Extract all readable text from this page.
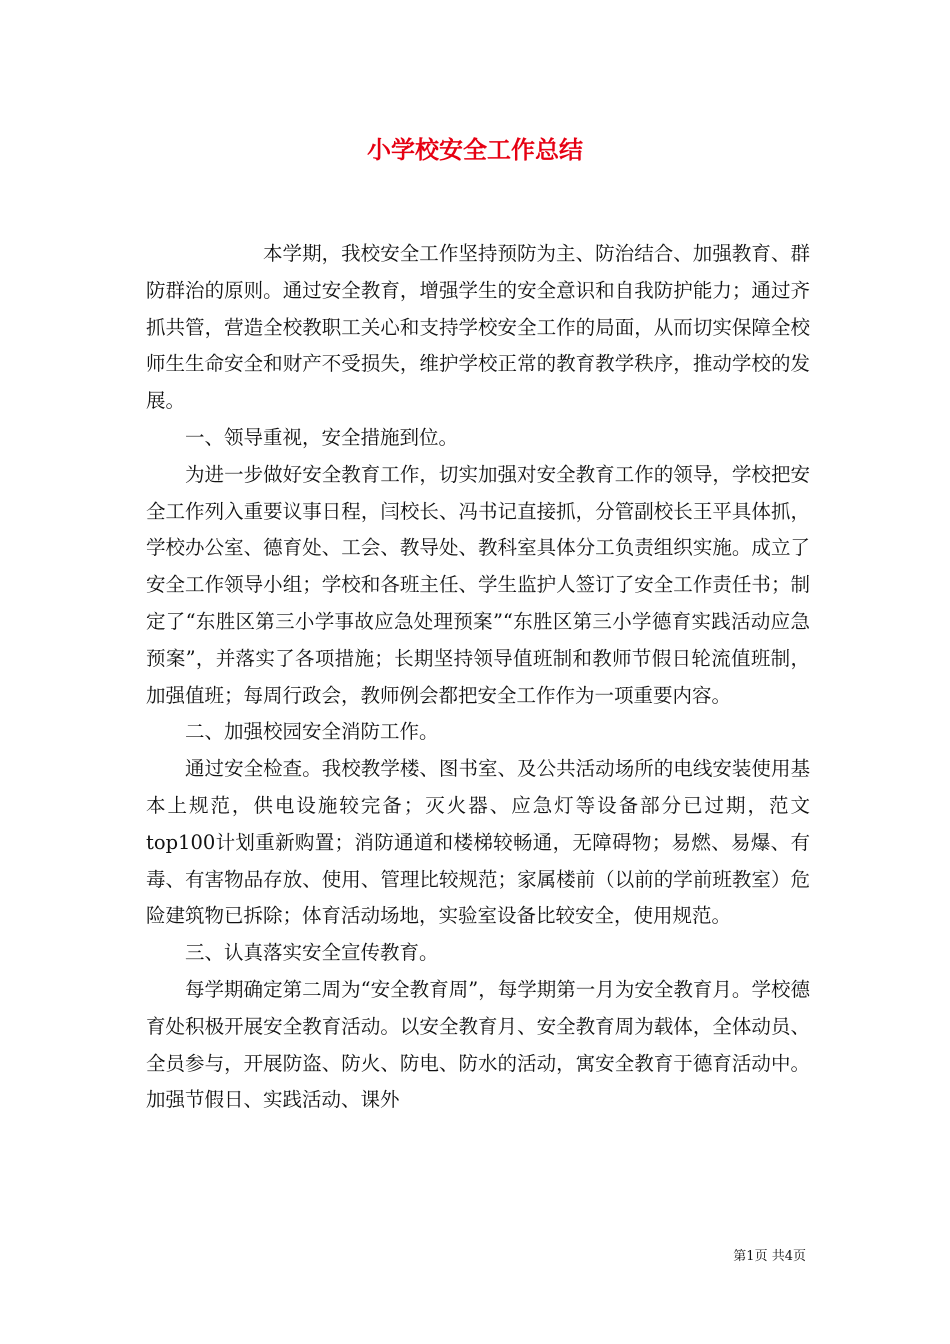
小学校安全工作总结

本学期，我校安全工作坚持预防为主、防治结合、加强教育、群防群治的原则。通过安全教育，增强学生的安全意识和自我防护能力；通过齐抓共管，营造全校教职工关心和支持学校安全工作的局面，从而切实保障全校师生生命安全和财产不受损失，维护学校正常的教育教学秩序，推动学校的发展。

一、领导重视，安全措施到位。

为进一步做好安全教育工作，切实加强对安全教育工作的领导，学校把安全工作列入重要议事日程，闫校长、冯书记直接抓，分管副校长王平具体抓，学校办公室、德育处、工会、教导处、教科室具体分工负责组织实施。成立了安全工作领导小组；学校和各班主任、学生监护人签订了安全工作责任书；制定了“东胜区第三小学事故应急处理预案”“东胜区第三小学德育实践活动应急预案”，并落实了各项措施；长期坚持领导值班制和教师节假日轮流值班制，加强值班；每周行政会，教师例会都把安全工作作为一项重要内容。

二、加强校园安全消防工作。

通过安全检查。我校教学楼、图书室、及公共活动场所的电线安装使用基本上规范，供电设施较完备；灭火器、应急灯等设备部分已过期，范文top100计划重新购置；消防通道和楼梯较畅通，无障碍物；易燃、易爆、有毒、有害物品存放、使用、管理比较规范；家属楼前（以前的学前班教室）危险建筑物已拆除；体育活动场地，实验室设备比较安全，使用规范。

三、认真落实安全宣传教育。

每学期确定第二周为“安全教育周”，每学期第一月为安全教育月。学校德育处积极开展安全教育活动。以安全教育月、安全教育周为载体，全体动员、全员参与，开展防盗、防火、防电、防水的活动，寓安全教育于德育活动中。加强节假日、实践活动、课外

第1页 共4页
